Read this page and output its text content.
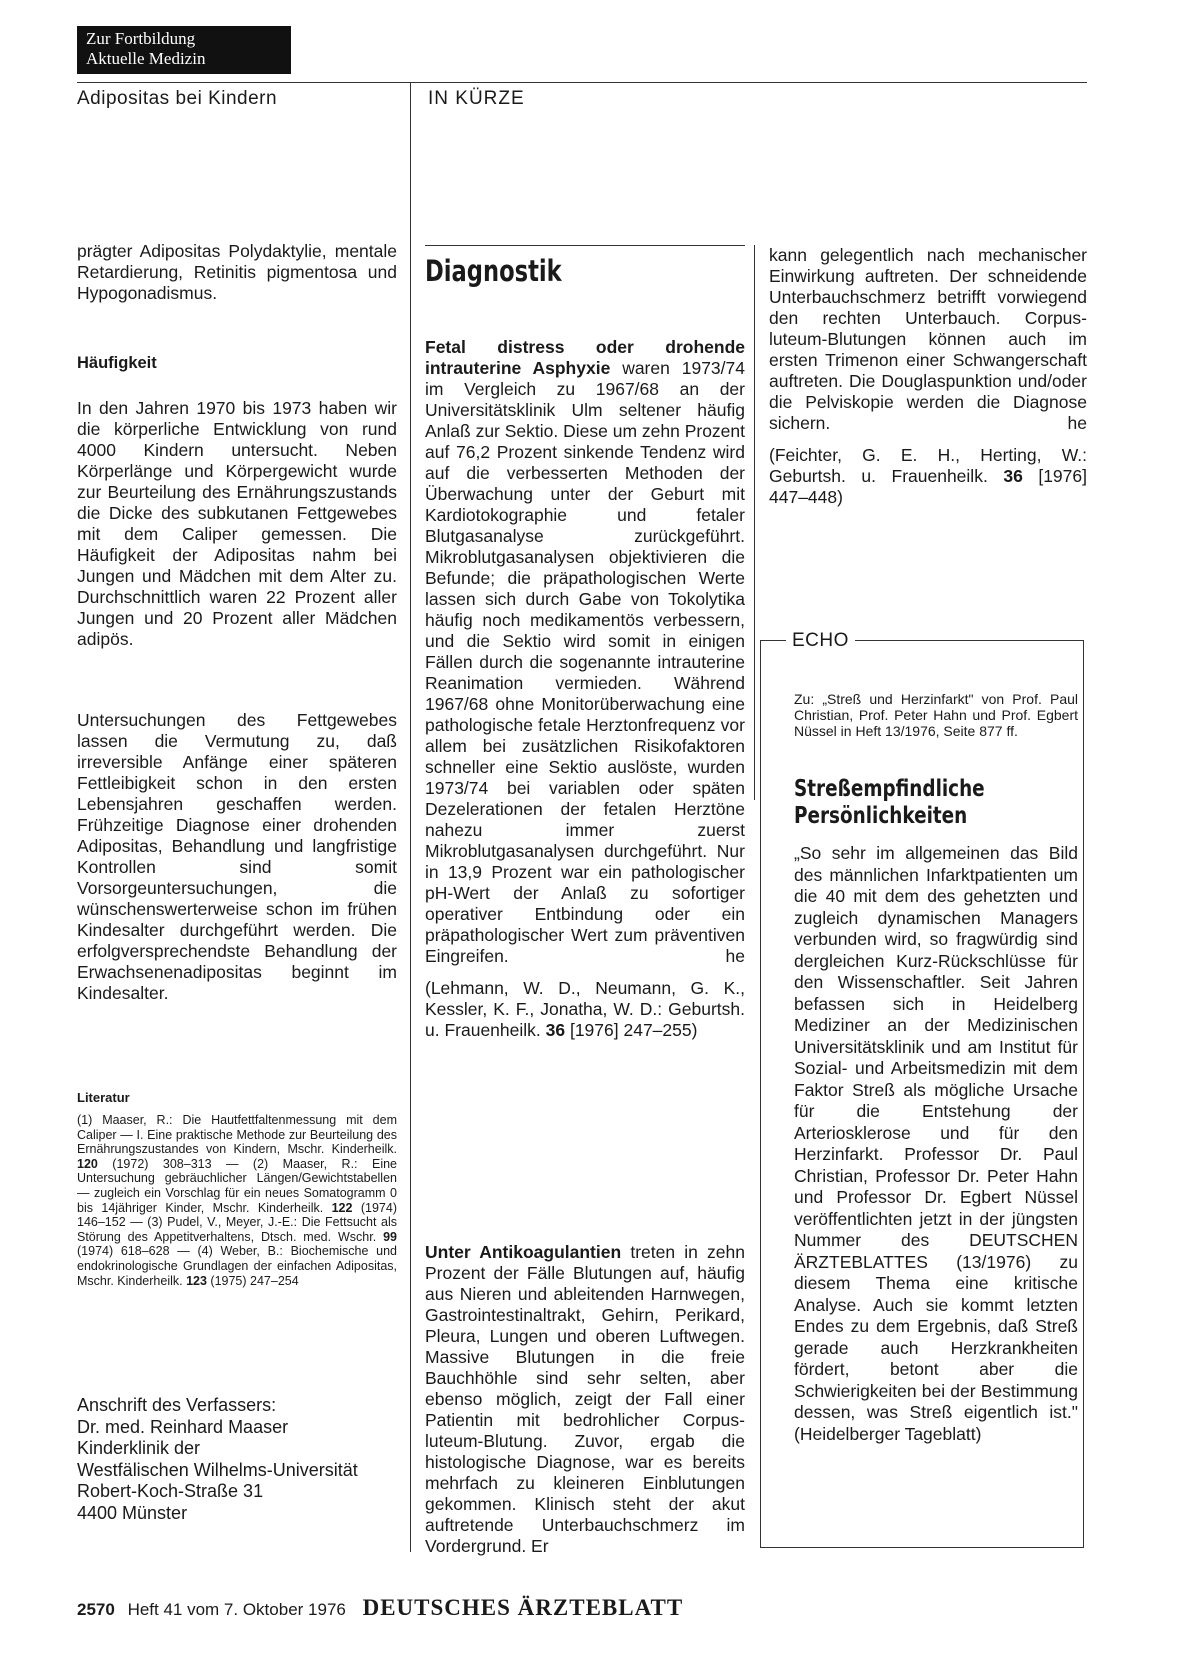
Zur Fortbildung
Aktuelle Medizin
Adipositas bei Kindern	IN KÜRZE

prägter Adipositas Polydaktylie, mentale Retardierung, Retinitis pigmentosa und Hypogonadismus.

Häufigkeit

In den Jahren 1970 bis 1973 haben wir die körperliche Entwicklung von rund 4000 Kindern untersucht. Neben Körperlänge und Körpergewicht wurde zur Beurteilung des Ernährungszustands die Dicke des subkutanen Fettgewebes mit dem Caliper gemessen. Die Häufigkeit der Adipositas nahm bei Jungen und Mädchen mit dem Alter zu. Durchschnittlich waren 22 Prozent aller Jungen und 20 Prozent aller Mädchen adipös.

Untersuchungen des Fettgewebes lassen die Vermutung zu, daß irreversible Anfänge einer späteren Fettleibigkeit schon in den ersten Lebensjahren geschaffen werden. Frühzeitige Diagnose einer drohenden Adipositas, Behandlung und langfristige Kontrollen sind somit Vorsorgeuntersuchungen, die wünschenswerterweise schon im frühen Kindesalter durchgeführt werden. Die erfolgversprechendste Behandlung der Erwachsenenadipositas beginnt im Kindesalter.

Literatur

(1) Maaser, R.: Die Hautfettfaltenmessung mit dem Caliper — I. Eine praktische Methode zur Beurteilung des Ernährungszustandes von Kindern, Mschr. Kinderheilk. 120 (1972) 308–313 — (2) Maaser, R.: Eine Untersuchung gebräuchlicher Längen/Gewichtstabellen — zugleich ein Vorschlag für ein neues Somatogramm 0 bis 14jähriger Kinder, Mschr. Kinderheilk. 122 (1974) 146–152 — (3) Pudel, V., Meyer, J.-E.: Die Fettsucht als Störung des Appetitverhaltens, Dtsch. med. Wschr. 99 (1974) 618–628 — (4) Weber, B.: Biochemische und endokrinologische Grundlagen der einfachen Adipositas, Mschr. Kinderheilk. 123 (1975) 247–254

Anschrift des Verfassers:
Dr. med. Reinhard Maaser
Kinderklinik der
Westfälischen Wilhelms-Universität
Robert-Koch-Straße 31
4400 Münster
Diagnostik

Fetal distress oder drohende intrauterine Asphyxie waren 1973/74 im Vergleich zu 1967/68 an der Universitätsklinik Ulm seltener häufig Anlaß zur Sektio. Diese um zehn Prozent auf 76,2 Prozent sinkende Tendenz wird auf die verbesserten Methoden der Überwachung unter der Geburt mit Kardiotokographie und fetaler Blutgasanalyse zurückgeführt. Mikroblutgasanalysen objektivieren die Befunde; die präpathologischen Werte lassen sich durch Gabe von Tokolytika häufig noch medikamentös verbessern, und die Sektio wird somit in einigen Fällen durch die sogenannte intrauterine Reanimation vermieden. Während 1967/68 ohne Monitorüberwachung eine pathologische fetale Herztonfrequenz vor allem bei zusätzlichen Risikofaktoren schneller eine Sektio auslöste, wurden 1973/74 bei variablen oder späten Dezelerationen der fetalen Herztöne nahezu immer zuerst Mikroblutgasanalysen durchgeführt. Nur in 13,9 Prozent war ein pathologischer pH-Wert der Anlaß zu sofortiger operativer Entbindung oder ein präpathologischer Wert zum präventiven Eingreifen.	he

(Lehmann, W. D., Neumann, G. K., Kessler, K. F., Jonatha, W. D.: Geburtsh. u. Frauenheilk. 36 [1976] 247–255)

Unter Antikoagulantien treten in zehn Prozent der Fälle Blutungen auf, häufig aus Nieren und ableitenden Harnwegen, Gastrointestinaltrakt, Gehirn, Perikard, Pleura, Lungen und oberen Luftwegen. Massive Blutungen in die freie Bauchhöhle sind sehr selten, aber ebenso möglich, zeigt der Fall einer Patientin mit bedrohlicher Corpus-luteum-Blutung. Zuvor, ergab die histologische Diagnose, war es bereits mehrfach zu kleineren Einblutungen gekommen. Klinisch steht der akut auftretende Unterbauchschmerz im Vordergrund. Er

kann gelegentlich nach mechanischer Einwirkung auftreten. Der schneidende Unterbauchschmerz betrifft vorwiegend den rechten Unterbauch. Corpus-luteum-Blutungen können auch im ersten Trimenon einer Schwangerschaft auftreten. Die Douglaspunktion und/oder die Pelviskopie werden die Diagnose sichern.	he

(Feichter, G. E. H., Herting, W.: Geburtsh. u. Frauenheilk. 36 [1976] 447–448)

ECHO

Zu: „Streß und Herzinfarkt" von Prof. Paul Christian, Prof. Peter Hahn und Prof. Egbert Nüssel in Heft 13/1976, Seite 877 ff.

Streßempfindliche
Persönlichkeiten

„So sehr im allgemeinen das Bild des männlichen Infarktpatienten um die 40 mit dem des gehetzten und zugleich dynamischen Managers verbunden wird, so fragwürdig sind dergleichen Kurz-Rückschlüsse für den Wissenschaftler. Seit Jahren befassen sich in Heidelberg Mediziner an der Medizinischen Universitätsklinik und am Institut für Sozial- und Arbeitsmedizin mit dem Faktor Streß als mögliche Ursache für die Entstehung der Arteriosklerose und für den Herzinfarkt. Professor Dr. Paul Christian, Professor Dr. Peter Hahn und Professor Dr. Egbert Nüssel veröffentlichten jetzt in der jüngsten Nummer des DEUTSCHEN ÄRZTEBLATTES (13/1976) zu diesem Thema eine kritische Analyse. Auch sie kommt letzten Endes zu dem Ergebnis, daß Streß gerade auch Herzkrankheiten fördert, betont aber die Schwierigkeiten bei der Bestimmung dessen, was Streß eigentlich ist." (Heidelberger Tageblatt)

2570 Heft 41 vom 7. Oktober 1976 DEUTSCHES ÄRZTEBLATT
